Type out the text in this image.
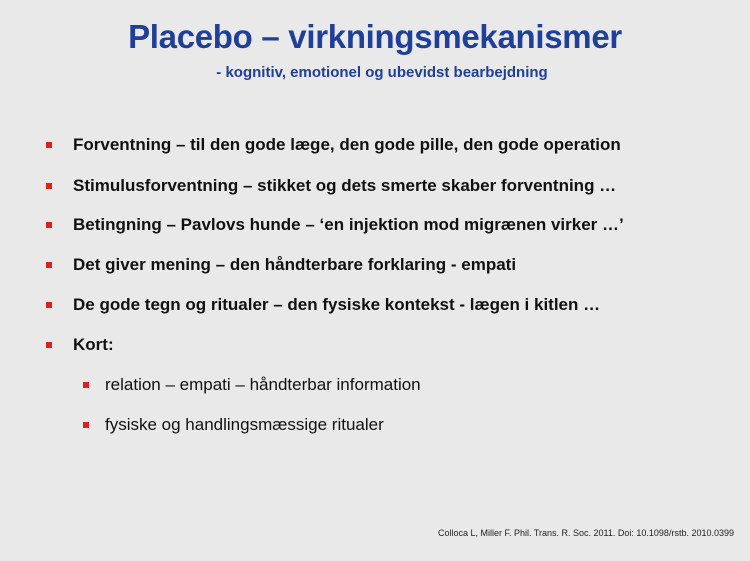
Placebo – virkningsmekanismer
- kognitiv, emotionel og ubevidst bearbejdning
Forventning – til den gode læge, den gode pille, den gode operation
Stimulusforventning – stikket og dets smerte skaber forventning …
Betingning – Pavlovs hunde – ‘en injektion mod migrænen virker …’
Det giver mening – den håndterbare forklaring - empati
De gode tegn og ritualer – den fysiske kontekst - lægen i kitlen …
Kort:
relation – empati – håndterbar information
fysiske og handlingsmæssige ritualer
Colloca L, Miller F. Phil. Trans. R. Soc. 2011. Doi: 10.1098/rstb. 2010.0399
